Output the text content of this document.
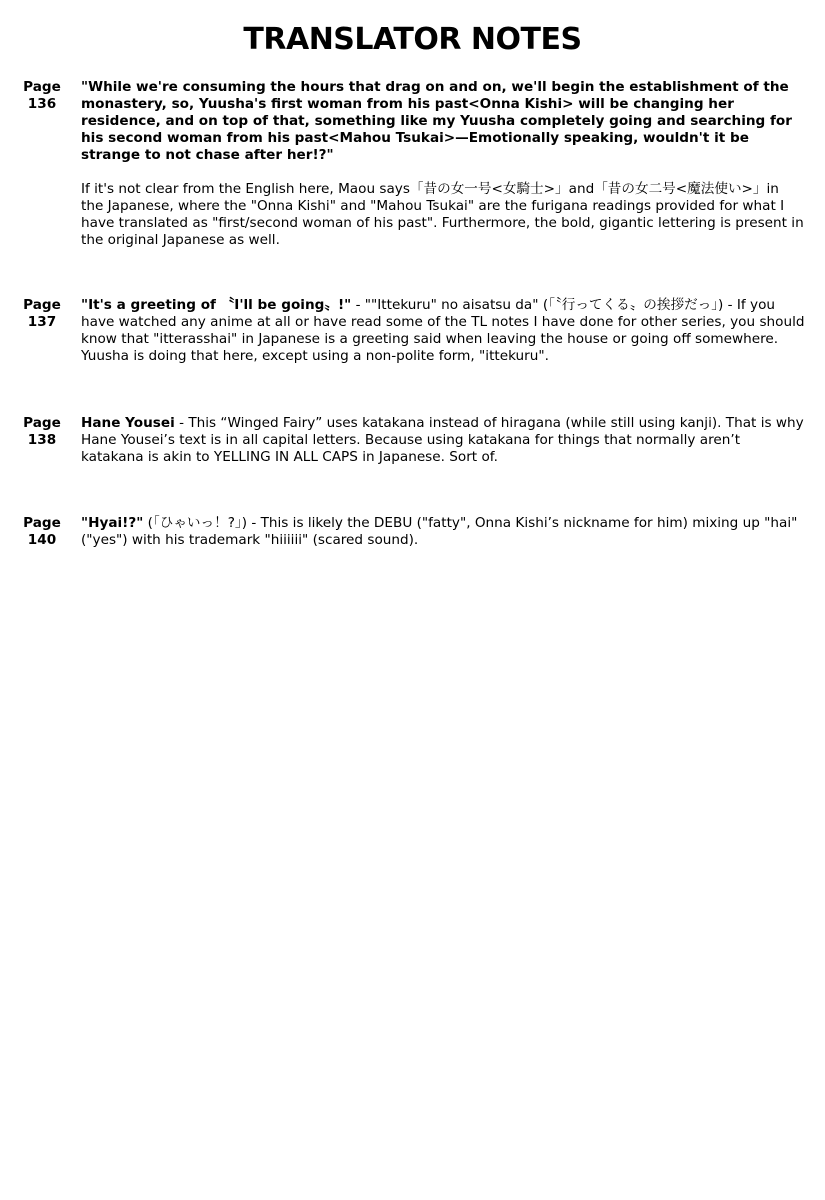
TRANSLATOR NOTES
Page
136

"While we're consuming the hours that drag on and on, we'll begin the establishment of the monastery, so, Yuusha's first woman from his past<Onna Kishi> will be changing her residence, and on top of that, something like my Yuusha completely going and searching for his second woman from his past<Mahou Tsukai>—Emotionally speaking, wouldn't it be strange to not chase after her!?"

If it's not clear from the English here, Maou says「昔の女一号<女騎士>」and「昔の女二号<魔法使い>」in the Japanese, where the "Onna Kishi" and "Mahou Tsukai" are the furigana readings provided for what I have translated as "first/second woman of his past". Furthermore, the bold, gigantic lettering is present in the original Japanese as well.

Page
137

"It's a greeting of 〝I'll be going〟!" - ""Ittekuru" no aisatsu da" (「〝行ってくる〟の挨拶だっ」) - If you have watched any anime at all or have read some of the TL notes I have done for other series, you should know that "itterasshai" in Japanese is a greeting said when leaving the house or going off somewhere. Yuusha is doing that here, except using a non-polite form, "ittekuru".

Page
138

Hane Yousei - This “Winged Fairy” uses katakana instead of hiragana (while still using kanji). That is why Hane Yousei’s text is in all capital letters. Because using katakana for things that normally aren’t katakana is akin to YELLING IN ALL CAPS in Japanese. Sort of.

Page
140

"Hyai!?" (「ひゃいっ！?」) - This is likely the DEBU ("fatty", Onna Kishi’s nickname for him) mixing up "hai" ("yes") with his trademark "hiiiiii" (scared sound).
